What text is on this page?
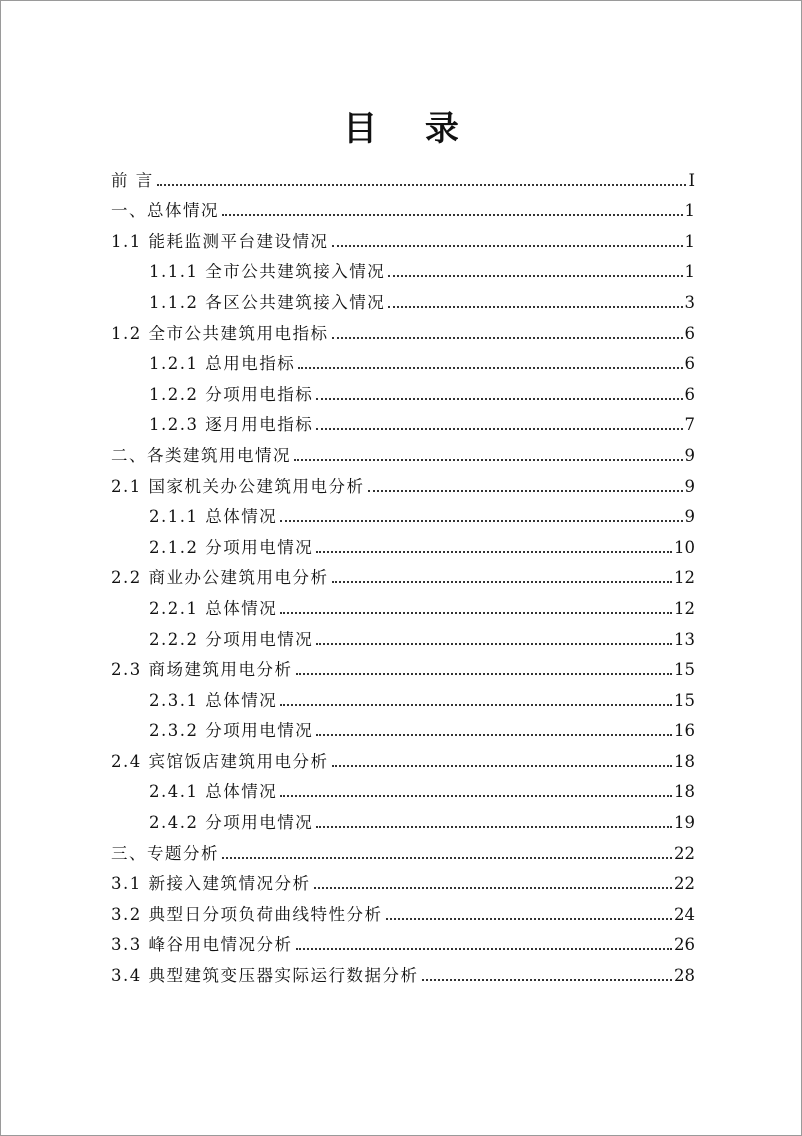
目 录
前 言	I
一、总体情况	1
1.1 能耗监测平台建设情况	1
1.1.1 全市公共建筑接入情况	1
1.1.2 各区公共建筑接入情况	3
1.2 全市公共建筑用电指标	6
1.2.1 总用电指标	6
1.2.2 分项用电指标	6
1.2.3 逐月用电指标	7
二、各类建筑用电情况	9
2.1 国家机关办公建筑用电分析	9
2.1.1 总体情况	9
2.1.2 分项用电情况	10
2.2 商业办公建筑用电分析	12
2.2.1 总体情况	12
2.2.2 分项用电情况	13
2.3 商场建筑用电分析	15
2.3.1 总体情况	15
2.3.2 分项用电情况	16
2.4 宾馆饭店建筑用电分析	18
2.4.1 总体情况	18
2.4.2 分项用电情况	19
三、专题分析	22
3.1 新接入建筑情况分析	22
3.2 典型日分项负荷曲线特性分析	24
3.3 峰谷用电情况分析	26
3.4 典型建筑变压器实际运行数据分析	28
